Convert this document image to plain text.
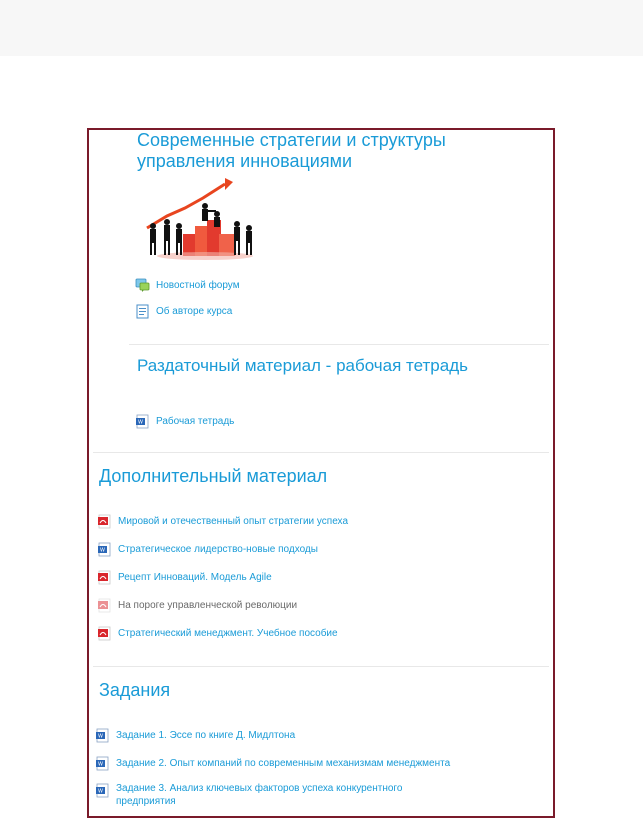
Современные стратегии и структуры управления инновациями
Новостной форум
Об авторе курса
Раздаточный материал - рабочая тетрадь
W Рабочая тетрадь
Дополнительный материал
Мировой и отечественный опыт стратегии успеха
W Стратегическое лидерство-новые подходы
Рецепт Инноваций. Модель Agile
На пороге управленческой революции
Стратегический менеджмент. Учебное пособие
Задания
W Задание 1. Эссе по книге Д. Мидлтона
W Задание 2. Опыт компаний по современным механизмам менеджмента
W Задание 3. Анализ ключевых факторов успеха конкурентного предприятия
